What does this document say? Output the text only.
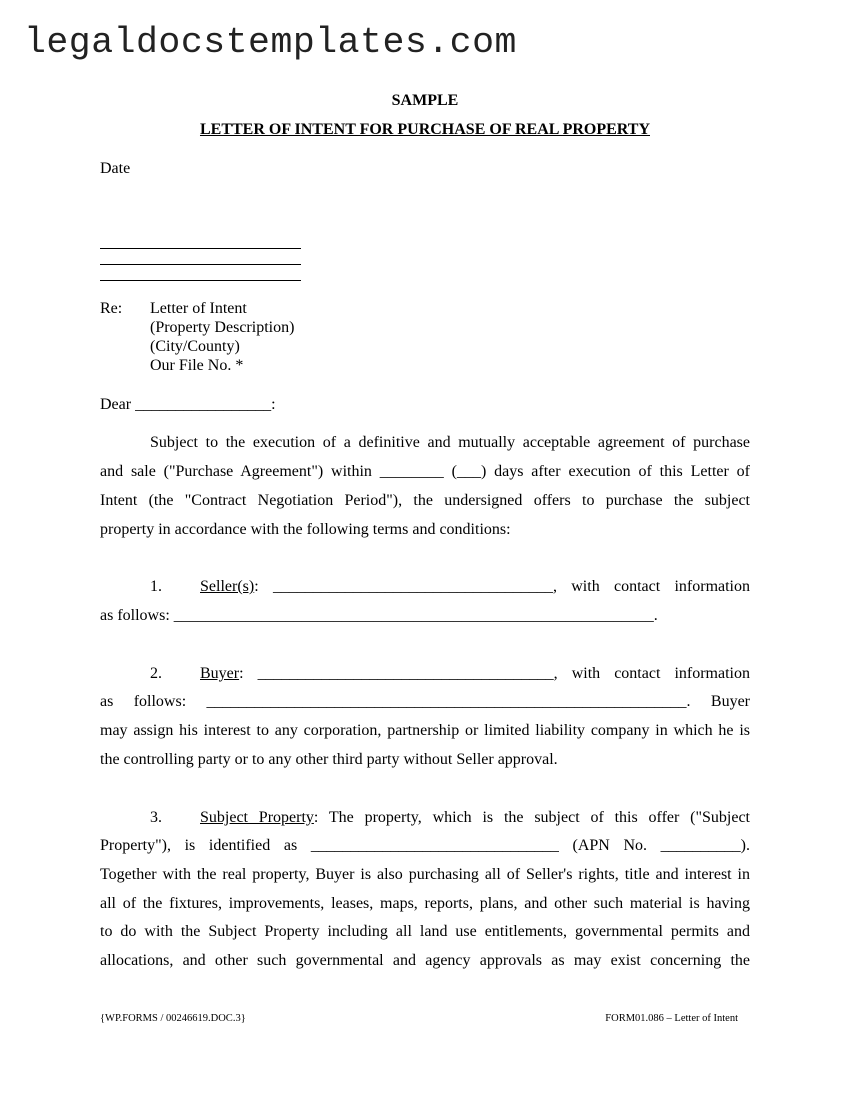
legaldocstemplates.com
SAMPLE
LETTER OF INTENT FOR PURCHASE OF REAL PROPERTY
Date
Re: Letter of Intent
(Property Description)
(City/County)
Our File No. *
Dear _________________:
Subject to the execution of a definitive and mutually acceptable agreement of purchase
and sale ("Purchase Agreement") within ________ (___) days after execution of this Letter of
Intent (the "Contract Negotiation Period"), the undersigned offers to purchase the subject
property in accordance with the following terms and conditions:
1. Seller(s): ___________________________________, with contact information
as follows: ____________________________________________________________.
2. Buyer: _____________________________________, with contact information
as follows: ____________________________________________________________. Buyer
may assign his interest to any corporation, partnership or limited liability company in which he is
the controlling party or to any other third party without Seller approval.
3. Subject Property: The property, which is the subject of this offer ("Subject
Property"), is identified as _______________________________ (APN No. __________).
Together with the real property, Buyer is also purchasing all of Seller's rights, title and interest in
all of the fixtures, improvements, leases, maps, reports, plans, and other such material is having
to do with the Subject Property including all land use entitlements, governmental permits and
allocations, and other such governmental and agency approvals as may exist concerning the
{WP.FORMS / 00246619.DOC.3}	FORM01.086 – Letter of Intent
